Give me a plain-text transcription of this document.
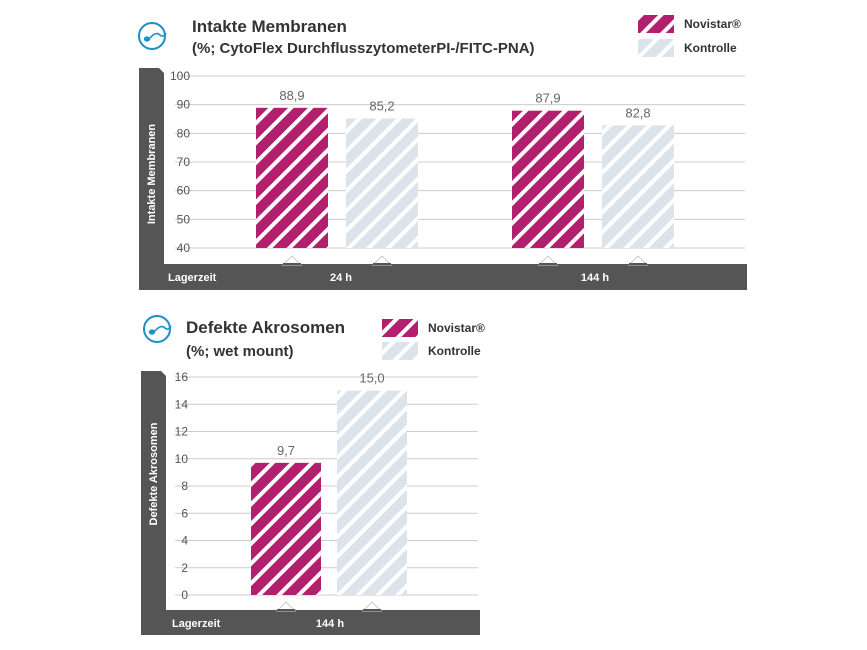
Intakte Membranen
(%; CytoFlex DurchflusszytometerPI-/FITC-PNA)
Novistar®
Kontrolle
Intakte Membranen
100
90
80
70
60
50
40
88,9
85,2
87,9
82,8
Lagerzeit	24 h	144 h
Defekte Akrosomen
(%; wet mount)
Novistar®
Kontrolle
Defekte Akrosomen
16
14
12
10
8
6
4
2
0
9,7
15,0
Lagerzeit	144 h
